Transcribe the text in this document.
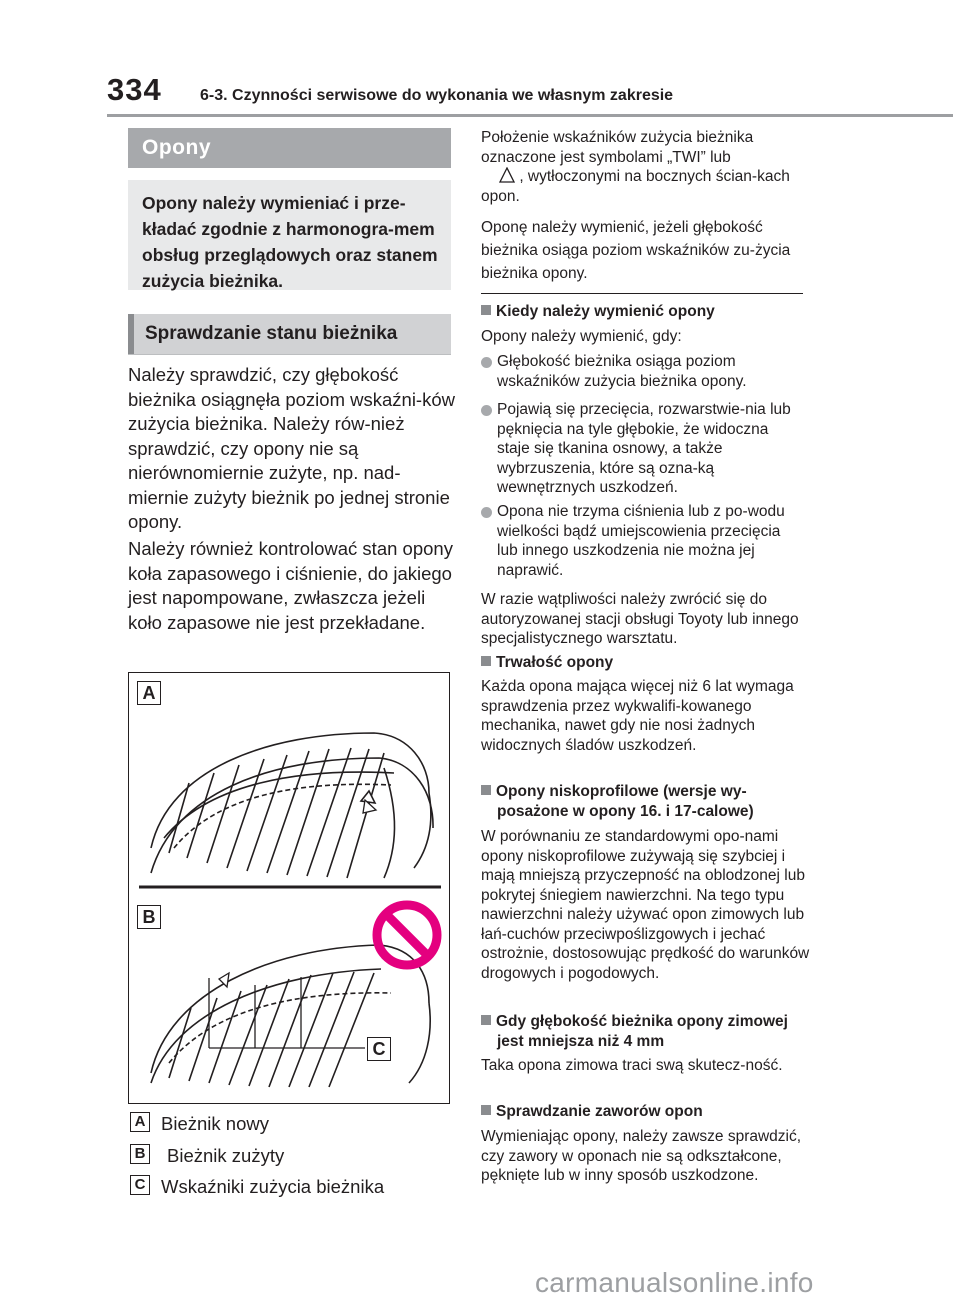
334 6-3. Czynności serwisowe do wykonania we własnym zakresie
Opony
Opony należy wymieniać i prze-kładać zgodnie z harmonogra-mem obsług przeglądowych oraz stanem zużycia bieżnika.
Sprawdzanie stanu bieżnika
Należy sprawdzić, czy głębokość bieżnika osiągnęła poziom wskaźni-ków zużycia bieżnika. Należy rów-nież sprawdzić, czy opony nie są nierównomiernie zużyte, np. nad-miernie zużyty bieżnik po jednej stronie opony.
Należy również kontrolować stan opony koła zapasowego i ciśnienie, do jakiego jest napompowane, zwłaszcza jeżeli koło zapasowe nie jest przekładane.
A
B
C
A Bieżnik nowy
B Bieżnik zużyty
C Wskaźniki zużycia bieżnika
Położenie wskaźników zużycia bieżnika oznaczone jest symbolami „TWI” lub
, wytłoczonymi na bocznych ścian-kach opon.
Oponę należy wymienić, jeżeli głębokość bieżnika osiąga poziom wskaźników zu-życia bieżnika opony.
Kiedy należy wymienić opony
Opony należy wymienić, gdy:
Głębokość bieżnika osiąga poziom wskaźników zużycia bieżnika opony.
Pojawią się przecięcia, rozwarstwie-nia lub pęknięcia na tyle głębokie, że widoczna staje się tkanina osnowy, a także wybrzuszenia, które są ozna-ką wewnętrznych uszkodzeń.
Opona nie trzyma ciśnienia lub z po-wodu wielkości bądź umiejscowienia przecięcia lub innego uszkodzenia nie można jej naprawić.
W razie wątpliwości należy zwrócić się do autoryzowanej stacji obsługi Toyoty lub innego specjalistycznego warsztatu.
Trwałość opony
Każda opona mająca więcej niż 6 lat wymaga sprawdzenia przez wykwalifi-kowanego mechanika, nawet gdy nie nosi żadnych widocznych śladów uszkodzeń.
Opony niskoprofilowe (wersje wy-posażone w opony 16. i 17-calowe)
W porównaniu ze standardowymi opo-nami opony niskoprofilowe zużywają się szybciej i mają mniejszą przyczepność na oblodzonej lub pokrytej śniegiem nawierzchni. Na tego typu nawierzchni należy używać opon zimowych lub łań-cuchów przeciwpoślizgowych i jechać ostrożnie, dostosowując prędkość do warunków drogowych i pogodowych.
Gdy głębokość bieżnika opony zimowej jest mniejsza niż 4 mm
Taka opona zimowa traci swą skutecz-ność.
Sprawdzanie zaworów opon
Wymieniając opony, należy zawsze sprawdzić, czy zawory w oponach nie są odkształcone, pęknięte lub w inny sposób uszkodzone.
carmanualsonline.info
